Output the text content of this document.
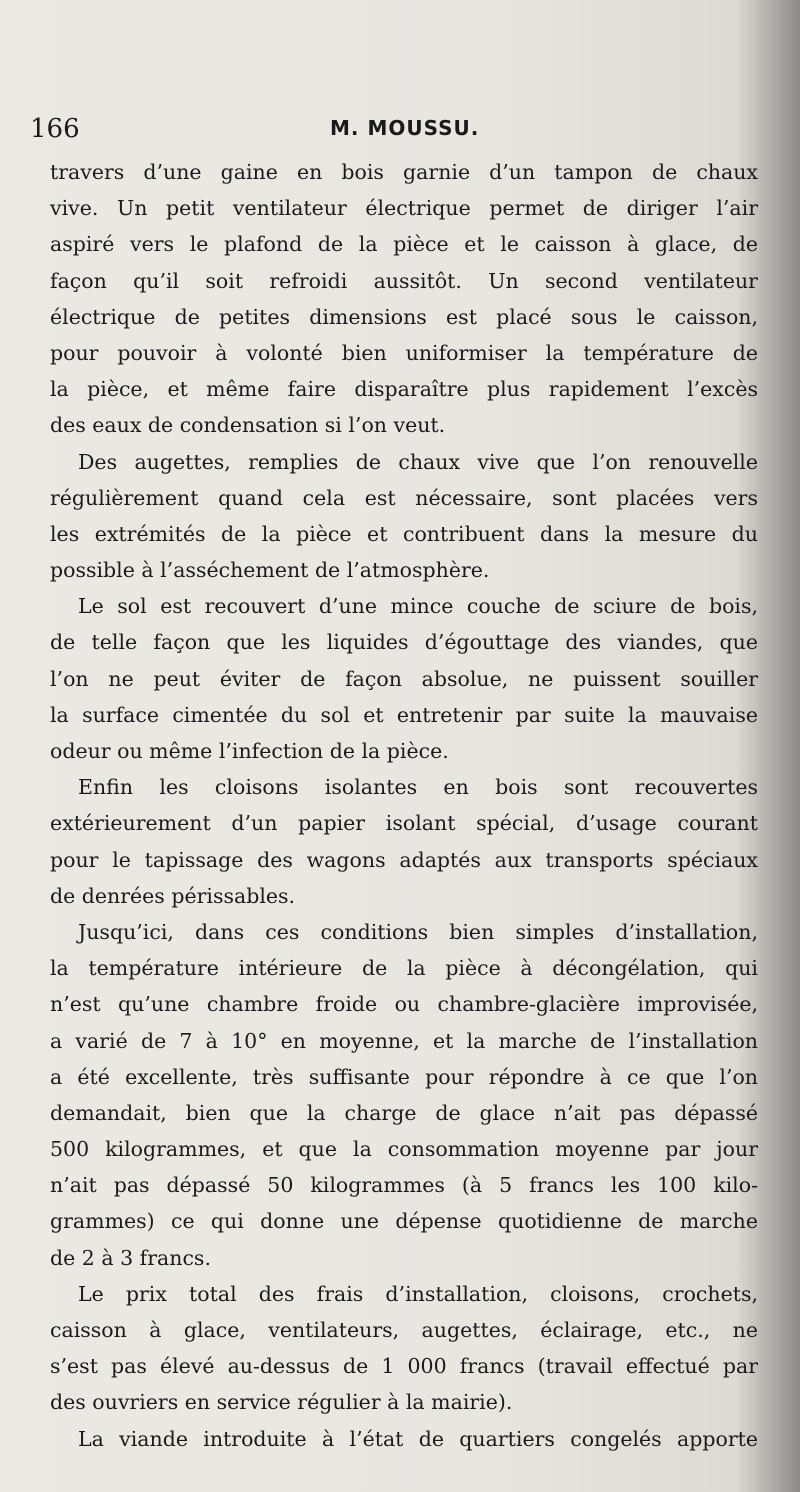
166	M. MOUSSU.
travers d’une gaine en bois garnie d’un tampon de chaux
vive. Un petit ventilateur électrique permet de diriger l’air
aspiré vers le plafond de la pièce et le caisson à glace, de
façon qu’il soit refroidi aussitôt. Un second ventilateur
électrique de petites dimensions est placé sous le caisson,
pour pouvoir à volonté bien uniformiser la température de
la pièce, et même faire disparaître plus rapidement l’excès
des eaux de condensation si l’on veut.
Des augettes, remplies de chaux vive que l’on renouvelle
régulièrement quand cela est nécessaire, sont placées vers
les extrémités de la pièce et contribuent dans la mesure du
possible à l’asséchement de l’atmosphère.
Le sol est recouvert d’une mince couche de sciure de bois,
de telle façon que les liquides d’égouttage des viandes, que
l’on ne peut éviter de façon absolue, ne puissent souiller
la surface cimentée du sol et entretenir par suite la mauvaise
odeur ou même l’infection de la pièce.
Enfin les cloisons isolantes en bois sont recouvertes
extérieurement d’un papier isolant spécial, d’usage courant
pour le tapissage des wagons adaptés aux transports spéciaux
de denrées périssables.
Jusqu’ici, dans ces conditions bien simples d’installation,
la température intérieure de la pièce à décongélation, qui
n’est qu’une chambre froide ou chambre-glacière improvisée,
a varié de 7 à 10° en moyenne, et la marche de l’installation
a été excellente, très suffisante pour répondre à ce que l’on
demandait, bien que la charge de glace n’ait pas dépassé
500 kilogrammes, et que la consommation moyenne par jour
n’ait pas dépassé 50 kilogrammes (à 5 francs les 100 kilo-
grammes) ce qui donne une dépense quotidienne de marche
de 2 à 3 francs.
Le prix total des frais d’installation, cloisons, crochets,
caisson à glace, ventilateurs, augettes, éclairage, etc., ne
s’est pas élevé au-dessus de 1 000 francs (travail effectué par
des ouvriers en service régulier à la mairie).
La viande introduite à l’état de quartiers congelés apporte
